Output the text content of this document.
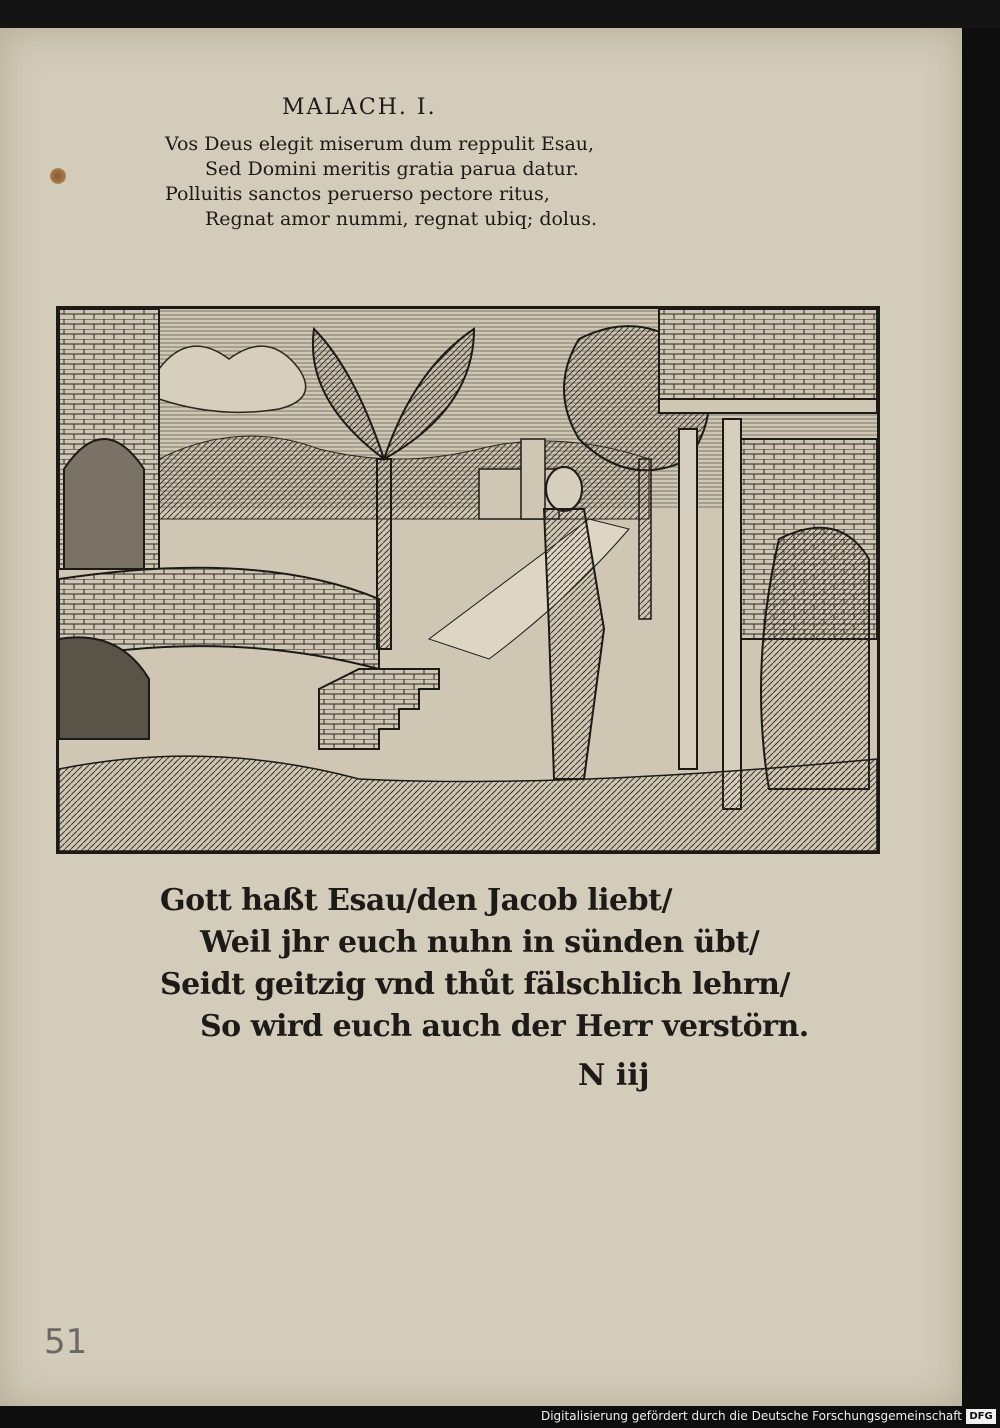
MALACH. I.
Vos Deus elegit miserum dum reppulit Esau,
Sed Domini meritis gratia parua datur.
Polluitis sanctos peruerso pectore ritus,
Regnat amor nummi, regnat ubiq; dolus.
Gott haßt Esau/den Jacob liebt/
Weil jhr euch nuhn in sünden übt/
Seidt geitzig vnd thůt fälschlich lehrn/
So wird euch auch der Herr verstörn.
N iij
51
Digitalisierung gefördert durch die Deutsche Forschungsgemeinschaft DFG
